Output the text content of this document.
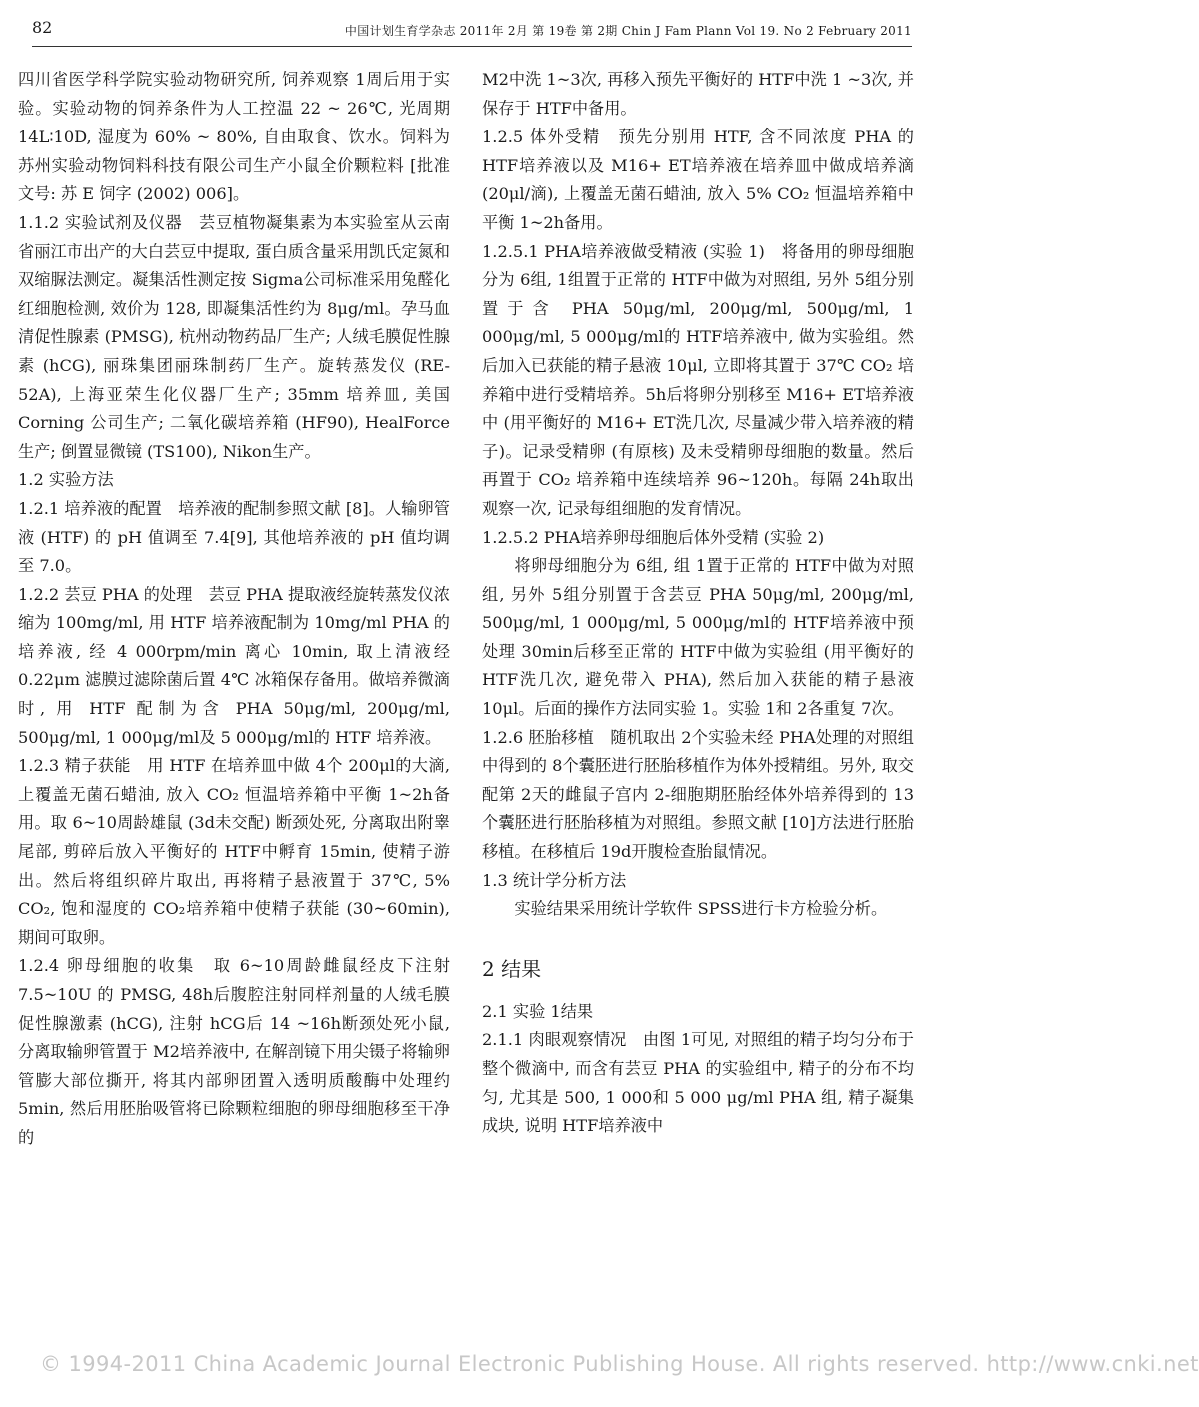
82	中国计划生育学杂志 2011年 2月 第 19卷 第 2期 Chin J Fam Plann Vol 19. No 2 February 2011

四川省医学科学院实验动物研究所, 饲养观察 1周后用于实验。实验动物的饲养条件为人工控温 22 ~ 26℃, 光周期 14L∶10D, 湿度为 60% ~ 80%, 自由取食、饮水。饲料为苏州实验动物饲料科技有限公司生产小鼠全价颗粒料 [批准文号: 苏 E 饲字 (2002) 006]。

1.1.2 实验试剂及仪器　芸豆植物凝集素为本实验室从云南省丽江市出产的大白芸豆中提取, 蛋白质含量采用凯氏定氮和双缩脲法测定。凝集活性测定按 Sigma公司标准采用兔醛化红细胞检测, 效价为 128, 即凝集活性约为 8μg/ml。孕马血清促性腺素 (PMSG), 杭州动物药品厂生产; 人绒毛膜促性腺素 (hCG), 丽珠集团丽珠制药厂生产。旋转蒸发仪 (RE-52A), 上海亚荣生化仪器厂生产; 35mm 培养皿, 美国 Corning 公司生产; 二氧化碳培养箱 (HF90), HealForce生产; 倒置显微镜 (TS100), Nikon生产。

1.2 实验方法

1.2.1 培养液的配置　培养液的配制参照文献 [8]。人输卵管液 (HTF) 的 pH 值调至 7.4[9], 其他培养液的 pH 值均调至 7.0。

1.2.2 芸豆 PHA 的处理　芸豆 PHA 提取液经旋转蒸发仪浓缩为 100mg/ml, 用 HTF 培养液配制为 10mg/ml PHA 的培养液, 经 4 000rpm/min 离心 10min, 取上清液经 0.22μm 滤膜过滤除菌后置 4℃ 冰箱保存备用。做培养微滴时, 用 HTF 配制为含 PHA 50μg/ml, 200μg/ml, 500μg/ml, 1 000μg/ml及 5 000μg/ml的 HTF 培养液。

1.2.3 精子获能　用 HTF 在培养皿中做 4个 200μl的大滴, 上覆盖无菌石蜡油, 放入 CO₂ 恒温培养箱中平衡 1~2h备用。取 6~10周龄雄鼠 (3d未交配) 断颈处死, 分离取出附睾尾部, 剪碎后放入平衡好的 HTF中孵育 15min, 使精子游出。然后将组织碎片取出, 再将精子悬液置于 37℃, 5% CO₂, 饱和湿度的 CO₂培养箱中使精子获能 (30~60min), 期间可取卵。

1.2.4 卵母细胞的收集　取 6~10周龄雌鼠经皮下注射 7.5~10U 的 PMSG, 48h后腹腔注射同样剂量的人绒毛膜促性腺激素 (hCG), 注射 hCG后 14 ~16h断颈处死小鼠, 分离取输卵管置于 M2培养液中, 在解剖镜下用尖镊子将输卵管膨大部位撕开, 将其内部卵团置入透明质酸酶中处理约 5min, 然后用胚胎吸管将已除颗粒细胞的卵母细胞移至干净的

M2中洗 1~3次, 再移入预先平衡好的 HTF中洗 1 ~3次, 并保存于 HTF中备用。

1.2.5 体外受精　预先分别用 HTF, 含不同浓度 PHA 的 HTF培养液以及 M16+ ET培养液在培养皿中做成培养滴 (20μl/滴), 上覆盖无菌石蜡油, 放入 5% CO₂ 恒温培养箱中平衡 1~2h备用。

1.2.5.1 PHA培养液做受精液 (实验 1)　将备用的卵母细胞分为 6组, 1组置于正常的 HTF中做为对照组, 另外 5组分别置于含 PHA 50μg/ml, 200μg/ml, 500μg/ml, 1 000μg/ml, 5 000μg/ml的 HTF培养液中, 做为实验组。然后加入已获能的精子悬液 10μl, 立即将其置于 37℃ CO₂ 培养箱中进行受精培养。5h后将卵分别移至 M16+ ET培养液中 (用平衡好的 M16+ ET洗几次, 尽量减少带入培养液的精子)。记录受精卵 (有原核) 及未受精卵母细胞的数量。然后再置于 CO₂ 培养箱中连续培养 96~120h。每隔 24h取出观察一次, 记录每组细胞的发育情况。

1.2.5.2 PHA培养卵母细胞后体外受精 (实验 2)

将卵母细胞分为 6组, 组 1置于正常的 HTF中做为对照组, 另外 5组分别置于含芸豆 PHA 50μg/ml, 200μg/ml, 500μg/ml, 1 000μg/ml, 5 000μg/ml的 HTF培养液中预处理 30min后移至正常的 HTF中做为实验组 (用平衡好的 HTF洗几次, 避免带入 PHA), 然后加入获能的精子悬液 10μl。后面的操作方法同实验 1。实验 1和 2各重复 7次。

1.2.6 胚胎移植　随机取出 2个实验未经 PHA处理的对照组中得到的 8个囊胚进行胚胎移植作为体外授精组。另外, 取交配第 2天的雌鼠子宫内 2-细胞期胚胎经体外培养得到的 13个囊胚进行胚胎移植为对照组。参照文献 [10]方法进行胚胎移植。在移植后 19d开腹检查胎鼠情况。

1.3 统计学分析方法

实验结果采用统计学软件 SPSS进行卡方检验分析。

2 结果

2.1 实验 1结果

2.1.1 肉眼观察情况　由图 1可见, 对照组的精子均匀分布于整个微滴中, 而含有芸豆 PHA 的实验组中, 精子的分布不均匀, 尤其是 500, 1 000和 5 000 μg/ml PHA 组, 精子凝集成块, 说明 HTF培养液中

© 1994-2011 China Academic Journal Electronic Publishing House. All rights reserved. http://www.cnki.net
